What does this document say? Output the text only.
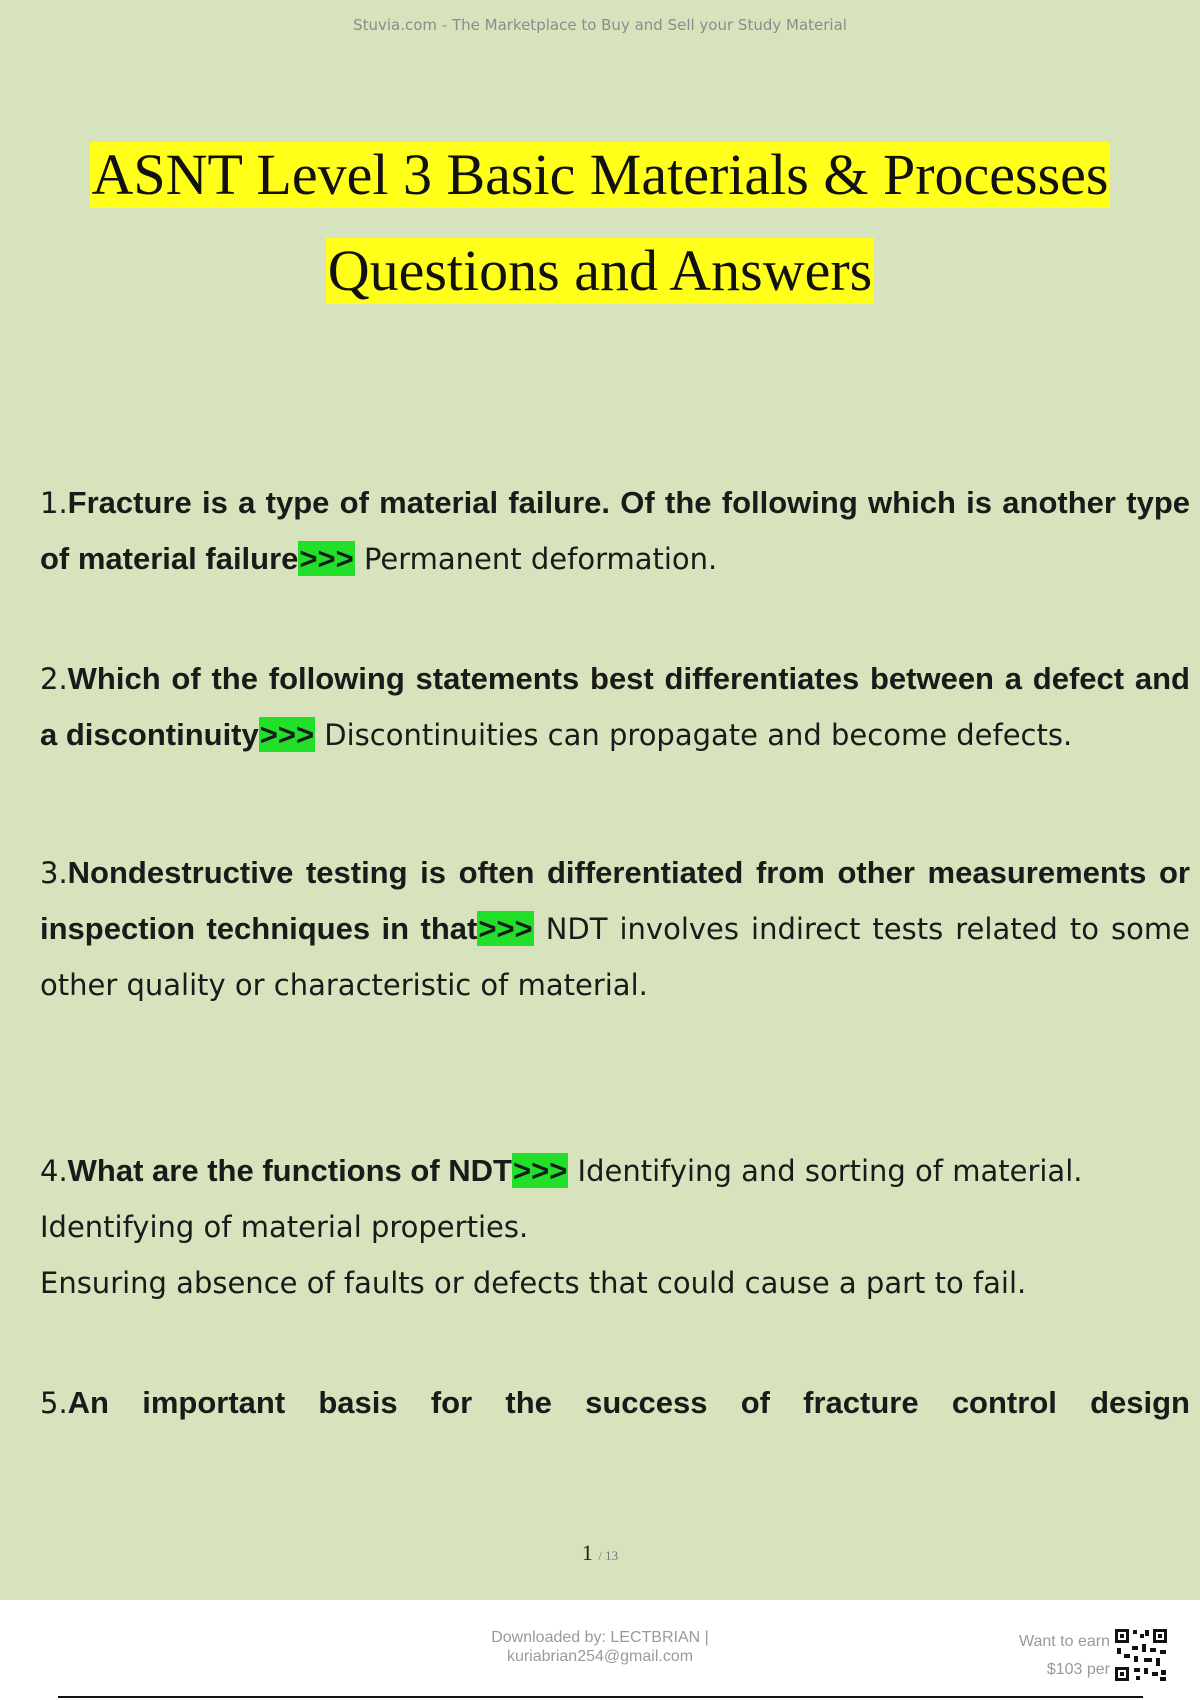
Stuvia.com - The Marketplace to Buy and Sell your Study Material
ASNT Level 3 Basic Materials & Processes
Questions and Answers

1.Fracture is a type of material failure. Of the following which is another type of material failure>>> Permanent deformation.

2.Which of the following statements best differentiates between a defect and a discontinuity>>> Discontinuities can propagate and become defects.

3.Nondestructive testing is often differentiated from other measurements or inspection techniques in that>>> NDT involves indirect tests related to some other quality or characteristic of material.

4.What are the functions of NDT>>> Identifying and sorting of material. Identifying of material properties.
Ensuring absence of faults or defects that could cause a part to fail.

5.An important basis for the success of fracture control design

1 / 13
Downloaded by: LECTBRIAN |
kuriabrian254@gmail.com
Want to earn
$103 per
